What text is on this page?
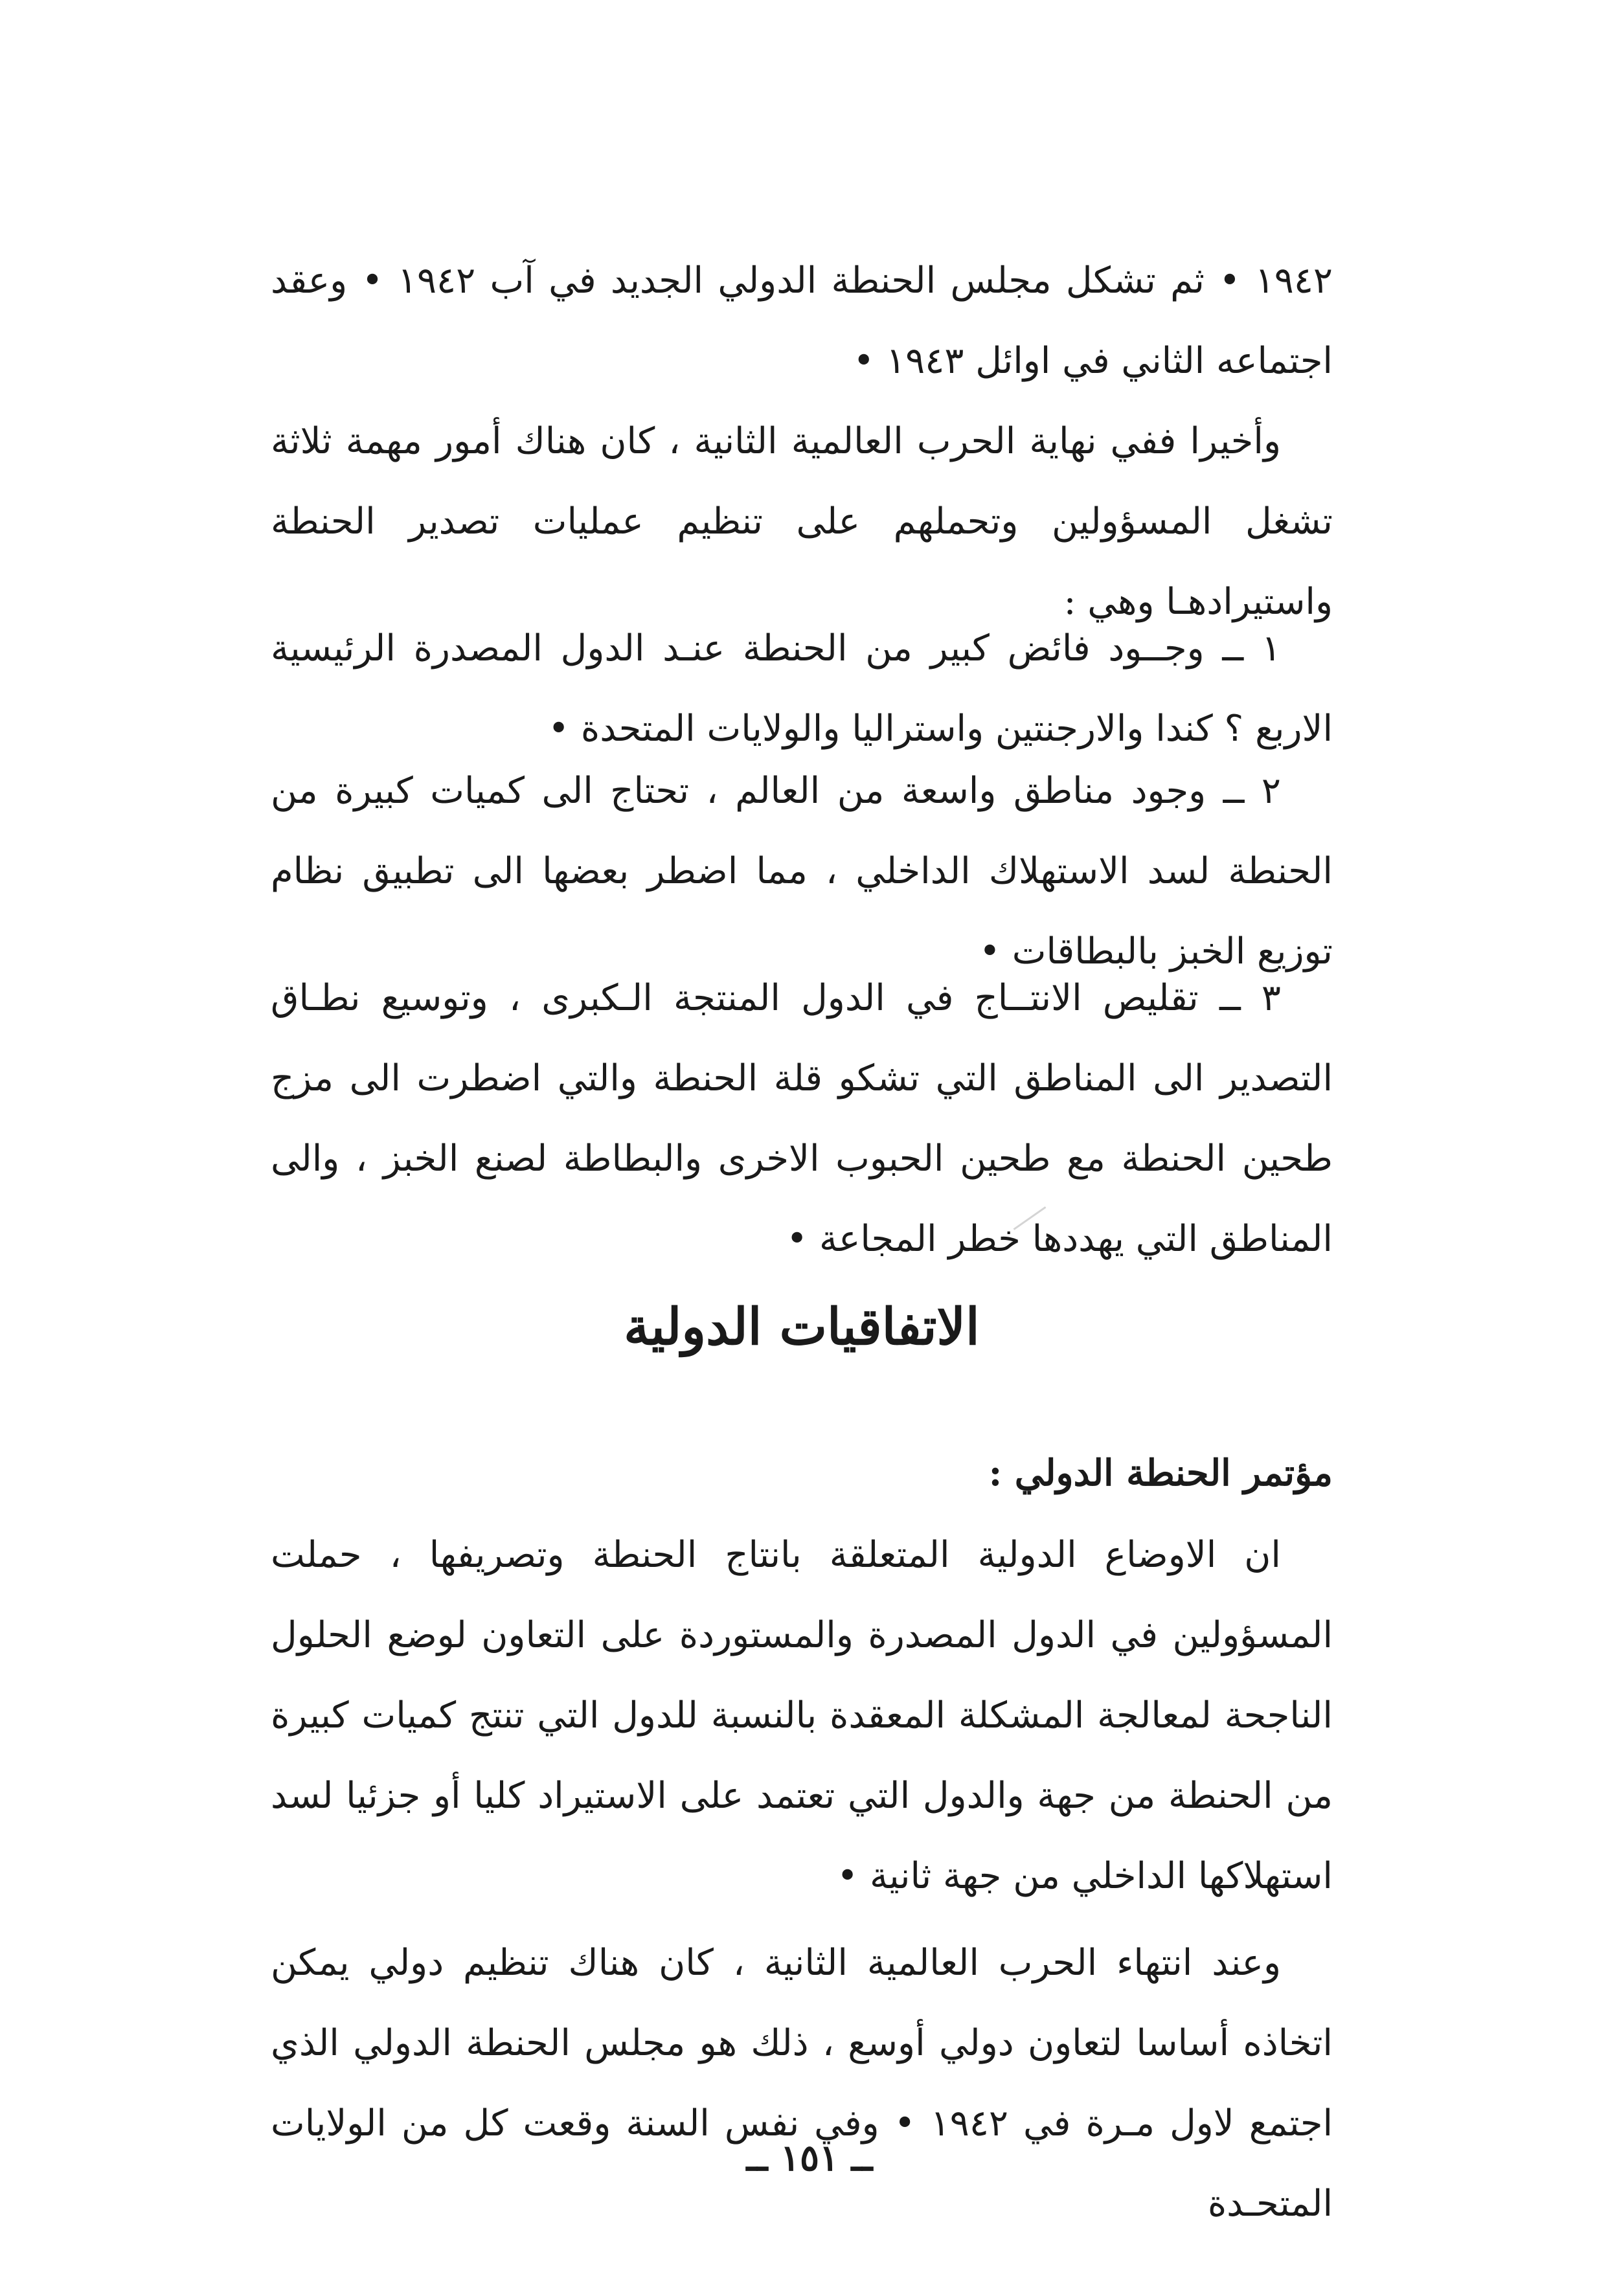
١٩٤٢ • ثم تشكل مجلس الحنطة الدولي الجديد في آب ١٩٤٢ • وعقد اجتماعه الثاني في اوائل ١٩٤٣ •

وأخيرا ففي نهاية الحرب العالمية الثانية ، كان هناك أمور مهمة ثلاثة تشغل المسؤولين وتحملهم على تنظيم عمليات تصدير الحنطة واستيرادهـا وهي :

١ ــ وجــود فائض كبير من الحنطة عنـد الدول المصدرة الرئيسية الاربع ؟ كندا والارجنتين واستراليا والولايات المتحدة •

٢ ــ وجود مناطق واسعة من العالم ، تحتاج الى كميات كبيرة من الحنطة لسد الاستهلاك الداخلي ، مما اضطر بعضها الى تطبيق نظام توزيع الخبز بالبطاقات •

٣ ــ تقليص الانتــاج في الدول المنتجة الـكبرى ، وتوسيع نطـاق التصدير الى المناطق التي تشكو قلة الحنطة والتي اضطرت الى مزج طحين الحنطة مع طحين الحبوب الاخرى والبطاطة لصنع الخبز ، والى المناطق التي يهددها خطر المجاعة •

الاتفاقيات الدولية
مؤتمر الحنطة الدولي :

ان الاوضاع الدولية المتعلقة بانتاج الحنطة وتصريفها ، حملت المسؤولين في الدول المصدرة والمستوردة على التعاون لوضع الحلول الناجحة لمعالجة المشكلة المعقدة بالنسبة للدول التي تنتج كميات كبيرة من الحنطة من جهة والدول التي تعتمد على الاستيراد كليا أو جزئيا لسد استهلاكها الداخلي من جهة ثانية •

وعند انتهاء الحرب العالمية الثانية ، كان هناك تنظيم دولي يمكن اتخاذه أساسا لتعاون دولي أوسع ، ذلك هو مجلس الحنطة الدولي الذي اجتمع لاول مـرة في ١٩٤٢ • وفي نفس السنة وقعت كل من الولايات المتحـدة

ــ ١٥١ ــ
